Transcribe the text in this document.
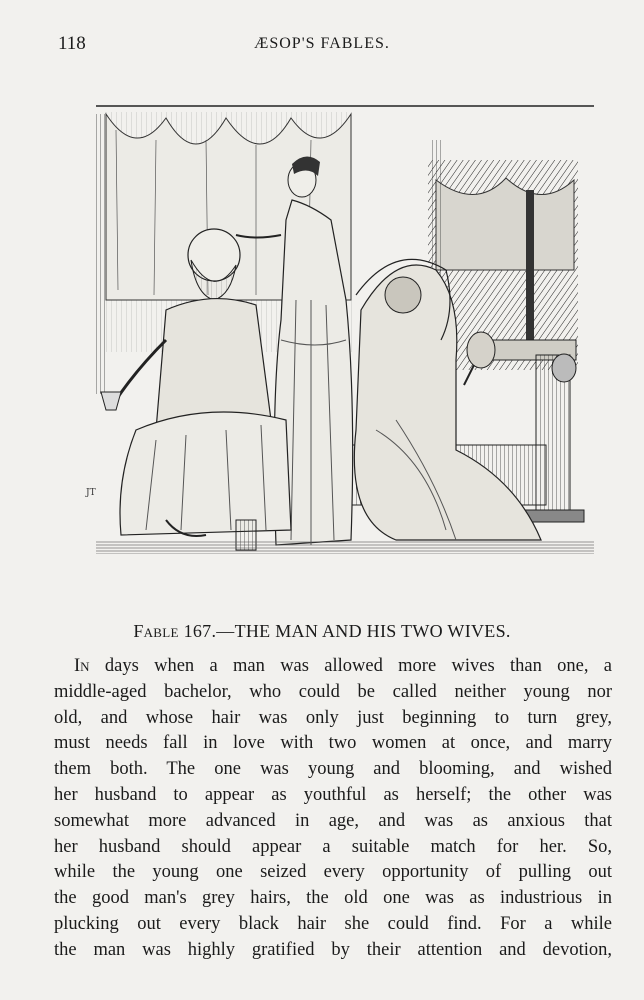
118	ÆSOP'S FABLES.
JT
Fable 167.—THE MAN AND HIS TWO WIVES.
In days when a man was allowed more wives than one, a
middle-aged bachelor, who could be called neither young nor
old, and whose hair was only just beginning to turn grey,
must needs fall in love with two women at once, and marry
them both. The one was young and blooming, and wished
her husband to appear as youthful as herself; the other was
somewhat more advanced in age, and was as anxious that
her husband should appear a suitable match for her. So,
while the young one seized every opportunity of pulling out
the good man's grey hairs, the old one was as industrious in
plucking out every black hair she could find. For a while
the man was highly gratified by their attention and devotion,
